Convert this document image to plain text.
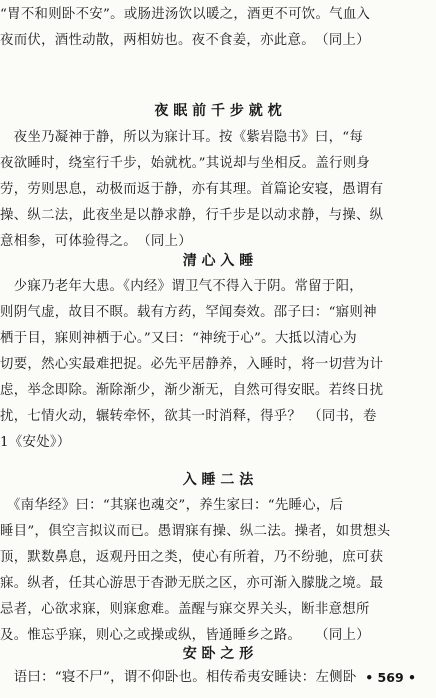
“胃不和则卧不安”。或肠进汤饮以暖之，酒更不可饮。气血入
夜而伏，酒性动散，两相妨也。夜不食姜，亦此意。　（同上）
夜 眠 前 千 步 就 枕
　夜坐乃凝神于静，所以为寐计耳。按《紫岩隐书》曰，“每
夜欲睡时，绕室行千步，始就枕。”其说却与坐相反。盖行则身
劳，劳则思息，动极而返于静，亦有其理。首篇论安寝，愚谓有
操、纵二法，此夜坐是以静求静，行千步是以动求静，与操、纵
意相参，可体验得之。　（同上）
清 心 入 睡
　少寐乃老年大患。《内经》谓卫气不得入于阴。常留于阳，
则阴气虚，故目不瞑。载有方药，罕闻奏效。邵子曰：“寤则神
栖于目，寐则神栖于心。”又曰：“神统于心”。大抵以清心为
切要，然心实最难把捉。必先平居静养，入睡时，将一切营为计
虑，举念即除。渐除渐少，渐少渐无，自然可得安眠。若终日扰
扰，七情火动，辗转牵怀，欲其一时消释，得乎？　（同书，卷
1《安处》）
入 睡 二 法
　《南华经》曰：“其寐也魂交”，养生家曰：“先睡心，后
睡目”，俱空言拟议而已。愚谓寐有操、纵二法。操者，如贯想头
顶，默数鼻息，返观丹田之类，使心有所着，乃不纷驰，庶可获
寐。纵者，任其心游思于杳渺无朕之区，亦可渐入朦胧之境。最
忌者，心欲求寐，则寐愈难。盖醒与寐交界关头，断非意想所
及。惟忘乎寐，则心之或操或纵，皆通睡乡之路。　　（同上）
安 卧 之 形
　语曰：“寝不尸”，谓不仰卧也。相传希夷安睡诀：左侧卧 • 569 •
